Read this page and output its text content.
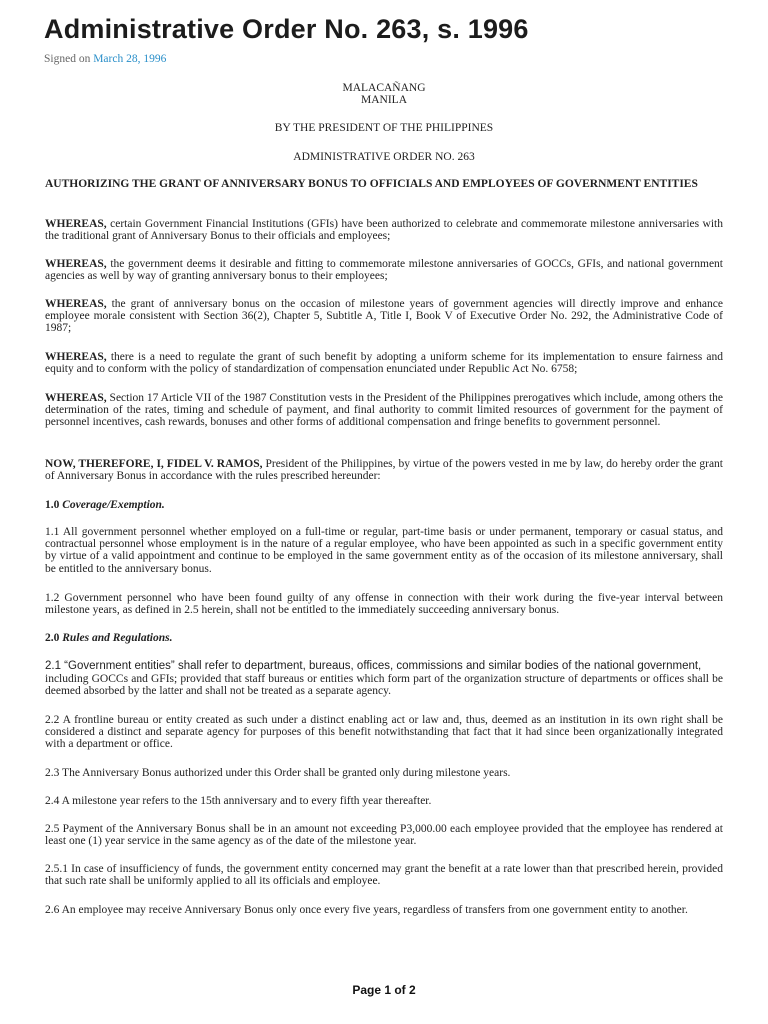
Administrative Order No. 263, s. 1996
Signed on March 28, 1996
MALACAÑANG
MANILA
BY THE PRESIDENT OF THE PHILIPPINES
ADMINISTRATIVE ORDER NO. 263

AUTHORIZING THE GRANT OF ANNIVERSARY BONUS TO OFFICIALS AND EMPLOYEES OF GOVERNMENT ENTITIES

WHEREAS, certain Government Financial Institutions (GFIs) have been authorized to celebrate and commemorate milestone anniversaries with the traditional grant of Anniversary Bonus to their officials and employees;

WHEREAS, the government deems it desirable and fitting to commemorate milestone anniversaries of GOCCs, GFIs, and national government agencies as well by way of granting anniversary bonus to their employees;

WHEREAS, the grant of anniversary bonus on the occasion of milestone years of government agencies will directly improve and enhance employee morale consistent with Section 36(2), Chapter 5, Subtitle A, Title I, Book V of Executive Order No. 292, the Administrative Code of 1987;

WHEREAS, there is a need to regulate the grant of such benefit by adopting a uniform scheme for its implementation to ensure fairness and equity and to conform with the policy of standardization of compensation enunciated under Republic Act No. 6758;

WHEREAS, Section 17 Article VII of the 1987 Constitution vests in the President of the Philippines prerogatives which include, among others the determination of the rates, timing and schedule of payment, and final authority to commit limited resources of government for the payment of personnel incentives, cash rewards, bonuses and other forms of additional compensation and fringe benefits to government personnel.

NOW, THEREFORE, I, FIDEL V. RAMOS, President of the Philippines, by virtue of the powers vested in me by law, do hereby order the grant of Anniversary Bonus in accordance with the rules prescribed hereunder:

1.0 Coverage/Exemption.

1.1 All government personnel whether employed on a full-time or regular, part-time basis or under permanent, temporary or casual status, and contractual personnel whose employment is in the nature of a regular employee, who have been appointed as such in a specific government entity by virtue of a valid appointment and continue to be employed in the same government entity as of the occasion of its milestone anniversary, shall be entitled to the anniversary bonus.

1.2 Government personnel who have been found guilty of any offense in connection with their work during the five-year interval between milestone years, as defined in 2.5 herein, shall not be entitled to the immediately succeeding anniversary bonus.

2.0 Rules and Regulations.

2.1 “Government entities” shall refer to department, bureaus, offices, commissions and similar bodies of the national government,

including GOCCs and GFIs; provided that staff bureaus or entities which form part of the organization structure of departments or offices shall be deemed absorbed by the latter and shall not be treated as a separate agency.

2.2 A frontline bureau or entity created as such under a distinct enabling act or law and, thus, deemed as an institution in its own right shall be considered a distinct and separate agency for purposes of this benefit notwithstanding that fact that it had since been organizationally integrated with a department or office.

2.3 The Anniversary Bonus authorized under this Order shall be granted only during milestone years.

2.4 A milestone year refers to the 15th anniversary and to every fifth year thereafter.

2.5 Payment of the Anniversary Bonus shall be in an amount not exceeding P3,000.00 each employee provided that the employee has rendered at least one (1) year service in the same agency as of the date of the milestone year.

2.5.1 In case of insufficiency of funds, the government entity concerned may grant the benefit at a rate lower than that prescribed herein, provided that such rate shall be uniformly applied to all its officials and employee.

2.6 An employee may receive Anniversary Bonus only once every five years, regardless of transfers from one government entity to another.

Page 1 of 2
